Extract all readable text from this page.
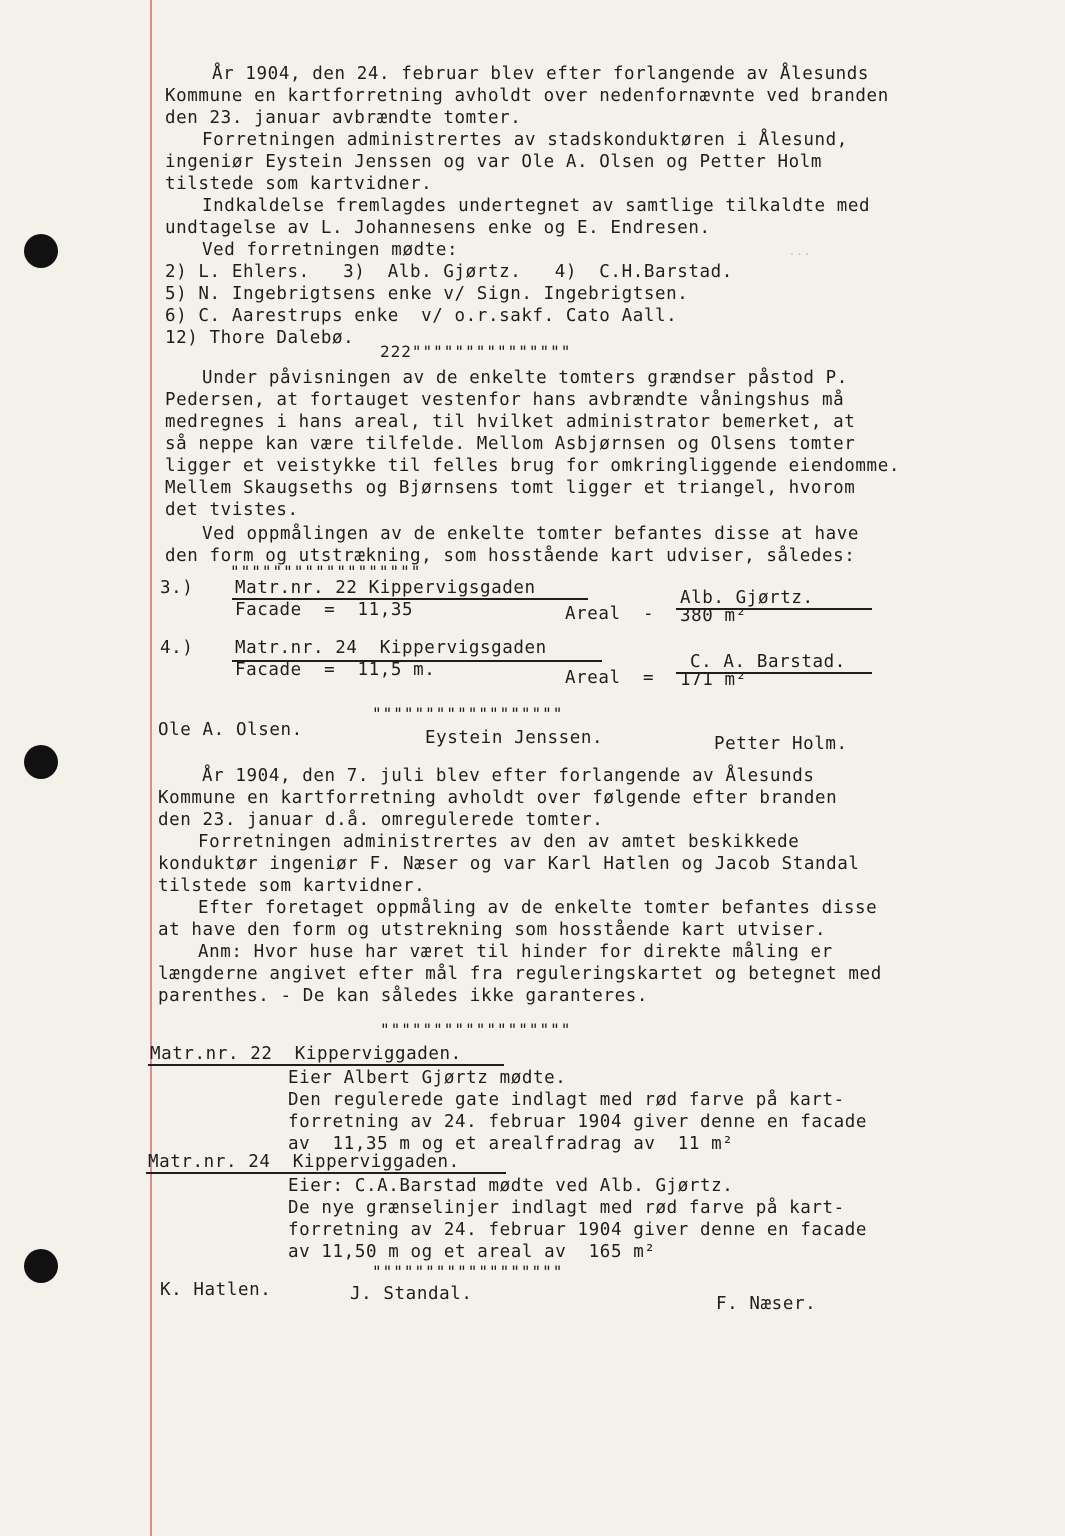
År 1904, den 24. februar blev efter forlangende av Ålesunds
Kommune en kartforretning avholdt over nedenfornævnte ved branden
den 23. januar avbrændte tomter.
Forretningen administrertes av stadskonduktøren i Ålesund,
ingeniør Eystein Jenssen og var Ole A. Olsen og Petter Holm
tilstede som kartvidner.
Indkaldelse fremlagdes undertegnet av samtlige tilkaldte med
undtagelse av L. Johannesens enke og E. Endresen.
Ved forretningen mødte:	. . .
2) L. Ehlers.   3)  Alb. Gjørtz.   4)  C.H.Barstad.
5) N. Ingebrigtsens enke v/ Sign. Ingebrigtsen.
6) C. Aarestrups enke  v/ o.r.sakf. Cato Aall.
12) Thore Dalebø.
222"""""""""""""""
Under påvisningen av de enkelte tomters grændser påstod P.
Pedersen, at fortauget vestenfor hans avbrændte våningshus må
medregnes i hans areal, til hvilket administrator bemerket, at
så neppe kan være tilfelde. Mellom Asbjørnsen og Olsens tomter
ligger et veistykke til felles brug for omkringliggende eiendomme.
Mellem Skaugseths og Bjørnsens tomt ligger et triangel, hvorom
det tvistes.
Ved oppmålingen av de enkelte tomter befantes disse at have
den form og utstrækning, som hosstående kart udviser, således:
""""""""""""""""""
3.) Matr.nr. 22 Kippervigsgaden	Alb. Gjørtz.
Facade  =  11,35	Areal  - 380 m²
4.) Matr.nr. 24  Kippervigsgaden
C. A. Barstad.
Facade  =  11,5 m.	Areal  = 171 m²
""""""""""""""""""
Ole A. Olsen.	Eystein Jenssen.	Petter Holm.
År 1904, den 7. juli blev efter forlangende av Ålesunds
Kommune en kartforretning avholdt over følgende efter branden
den 23. januar d.å. omregulerede tomter.
Forretningen administrertes av den av amtet beskikkede
konduktør ingeniør F. Næser og var Karl Hatlen og Jacob Standal
tilstede som kartvidner.
Efter foretaget oppmåling av de enkelte tomter befantes disse
at have den form og utstrekning som hosstående kart utviser.
Anm: Hvor huse har været til hinder for direkte måling er
længderne angivet efter mål fra reguleringskartet og betegnet med
parenthes. - De kan således ikke garanteres.
""""""""""""""""""
Matr.nr. 22  Kipperviggaden.
Eier Albert Gjørtz mødte.
Den regulerede gate indlagt med rød farve på kart-
forretning av 24. februar 1904 giver denne en facade
av  11,35 m og et arealfradrag av  11 m²
Matr.nr. 24  Kipperviggaden.
Eier: C.A.Barstad mødte ved Alb. Gjørtz.
De nye grænselinjer indlagt med rød farve på kart-
forretning av 24. februar 1904 giver denne en facade
av 11,50 m og et areal av  165 m²
""""""""""""""""""
K. Hatlen.	J. Standal.	F. Næser.
